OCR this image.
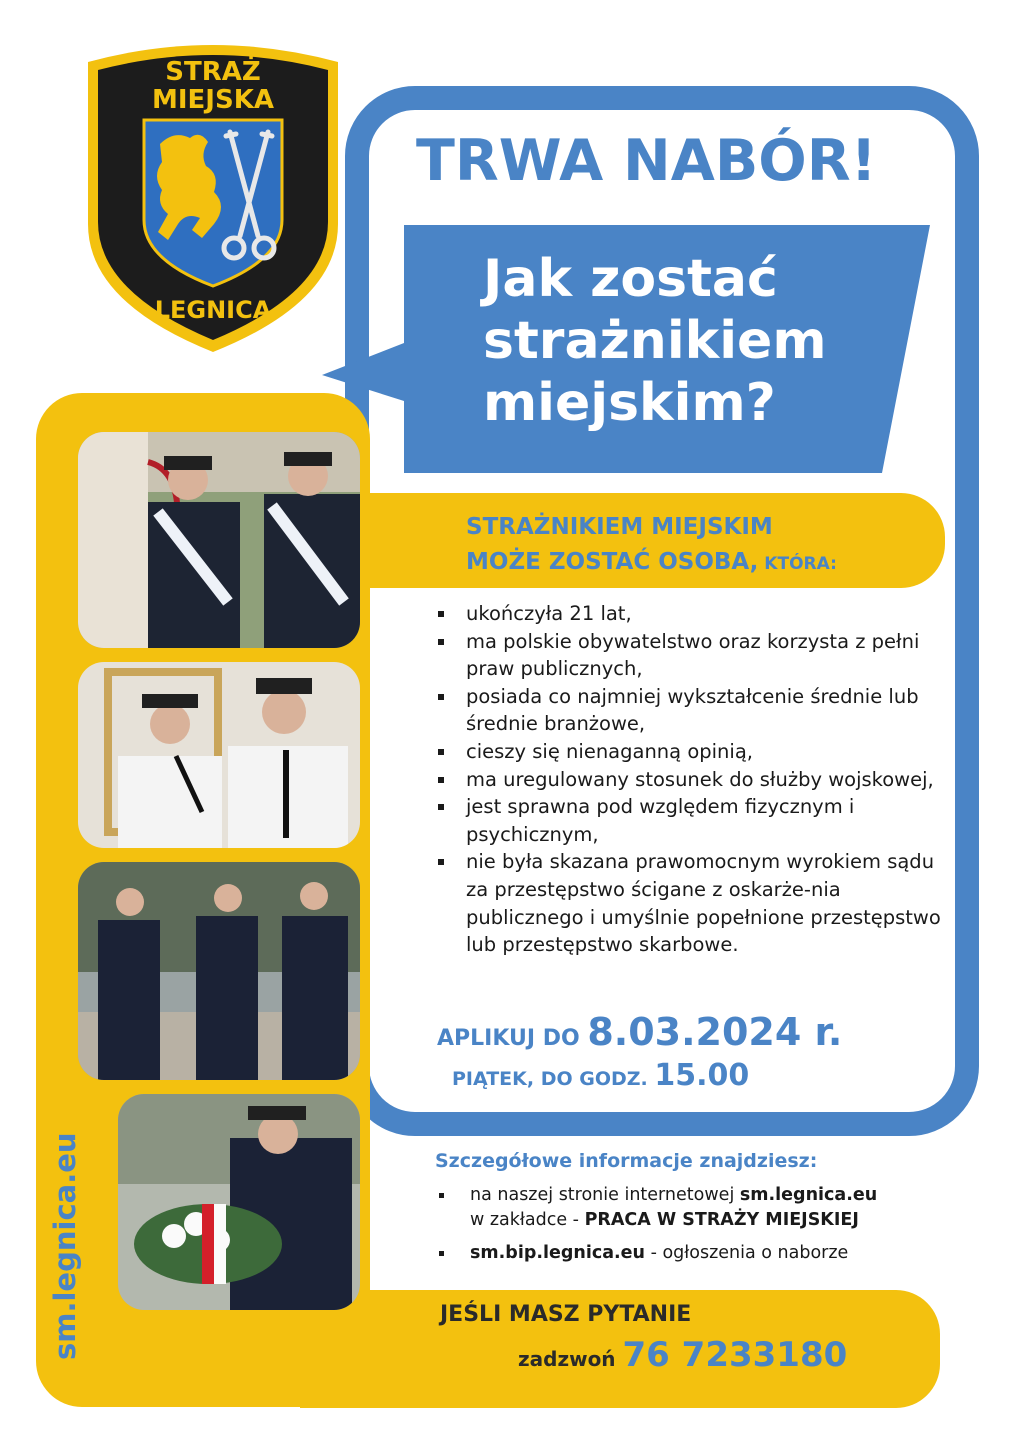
STRAŻ
MIEJSKA
LEGNICA
TRWA NABÓR!
Jak zostać
strażnikiem
miejskim?
sm.legnica.eu
STRAŻNIKIEM MIEJSKIM
MOŻE ZOSTAĆ OSOBA, KTÓRA:
ukończyła 21 lat,
ma polskie obywatelstwo oraz korzysta z pełni praw publicznych,
posiada co najmniej wykształcenie średnie lub średnie branżowe,
cieszy się nienaganną opinią,
ma uregulowany stosunek do służby wojskowej,
jest sprawna pod względem fizycznym i psychicznym,
nie była skazana prawomocnym wyrokiem sądu za przestępstwo ścigane z oskarże-nia publicznego i umyślnie popełnione przestępstwo lub przestępstwo skarbowe.
APLIKUJ DO 8.03.2024 r.
PIĄTEK, DO GODZ. 15.00
Szczegółowe informacje znajdziesz:
na naszej stronie internetowej sm.legnica.eu
w zakładce - PRACA W STRAŻY MIEJSKIEJ
sm.bip.legnica.eu - ogłoszenia o naborze
JEŚLI MASZ PYTANIE
zadzwoń 76 7233180
